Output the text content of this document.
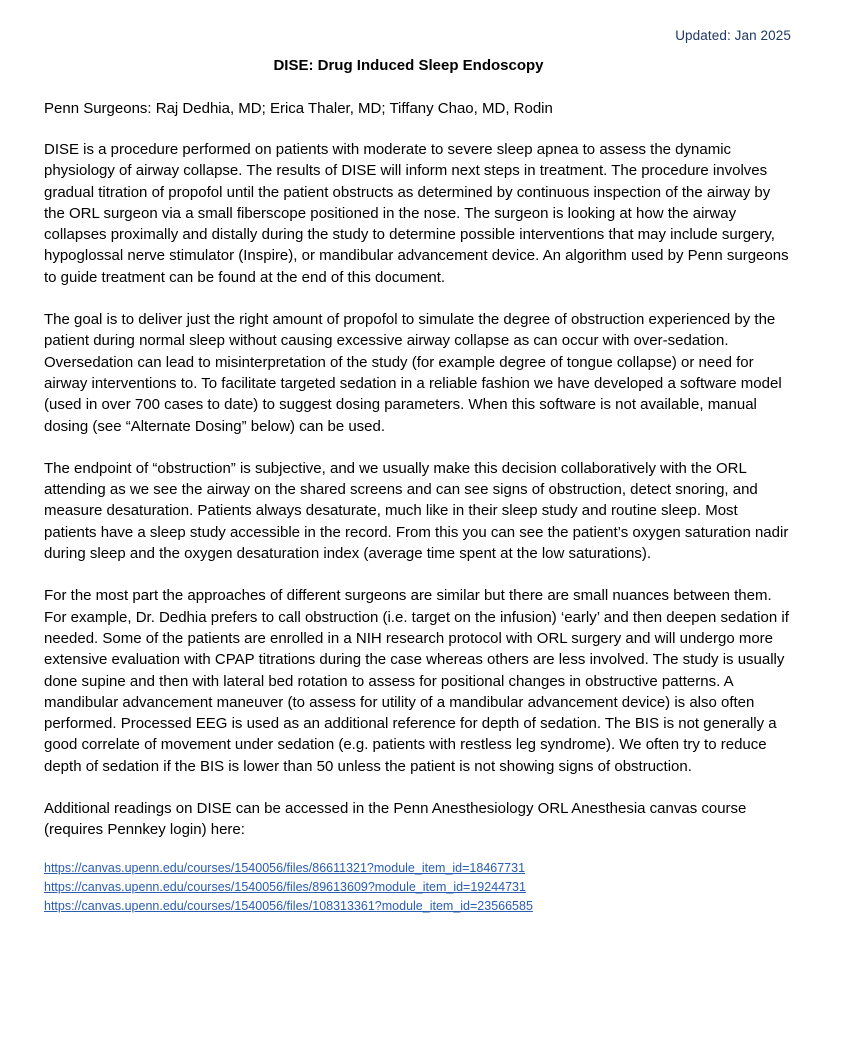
Updated: Jan 2025
DISE: Drug Induced Sleep Endoscopy
Penn Surgeons: Raj Dedhia, MD; Erica Thaler, MD; Tiffany Chao, MD, Rodin

DISE is a procedure performed on patients with moderate to severe sleep apnea to assess the dynamic physiology of airway collapse. The results of DISE will inform next steps in treatment. The procedure involves gradual titration of propofol until the patient obstructs as determined by continuous inspection of the airway by the ORL surgeon via a small fiberscope positioned in the nose. The surgeon is looking at how the airway collapses proximally and distally during the study to determine possible interventions that may include surgery, hypoglossal nerve stimulator (Inspire), or mandibular advancement device. An algorithm used by Penn surgeons to guide treatment can be found at the end of this document.

The goal is to deliver just the right amount of propofol to simulate the degree of obstruction experienced by the patient during normal sleep without causing excessive airway collapse as can occur with over-sedation. Oversedation can lead to misinterpretation of the study (for example degree of tongue collapse) or need for airway interventions to. To facilitate targeted sedation in a reliable fashion we have developed a software model (used in over 700 cases to date) to suggest dosing parameters. When this software is not available, manual dosing (see “Alternate Dosing” below) can be used.

The endpoint of “obstruction” is subjective, and we usually make this decision collaboratively with the ORL attending as we see the airway on the shared screens and can see signs of obstruction, detect snoring, and measure desaturation. Patients always desaturate, much like in their sleep study and routine sleep. Most patients have a sleep study accessible in the record. From this you can see the patient’s oxygen saturation nadir during sleep and the oxygen desaturation index (average time spent at the low saturations).

For the most part the approaches of different surgeons are similar but there are small nuances between them. For example, Dr. Dedhia prefers to call obstruction (i.e. target on the infusion) ‘early’ and then deepen sedation if needed. Some of the patients are enrolled in a NIH research protocol with ORL surgery and will undergo more extensive evaluation with CPAP titrations during the case whereas others are less involved. The study is usually done supine and then with lateral bed rotation to assess for positional changes in obstructive patterns. A mandibular advancement maneuver (to assess for utility of a mandibular advancement device) is also often performed. Processed EEG is used as an additional reference for depth of sedation. The BIS is not generally a good correlate of movement under sedation (e.g. patients with restless leg syndrome). We often try to reduce depth of sedation if the BIS is lower than 50 unless the patient is not showing signs of obstruction.

Additional readings on DISE can be accessed in the Penn Anesthesiology ORL Anesthesia canvas course (requires Pennkey login) here:

https://canvas.upenn.edu/courses/1540056/files/86611321?module_item_id=18467731
https://canvas.upenn.edu/courses/1540056/files/89613609?module_item_id=19244731
https://canvas.upenn.edu/courses/1540056/files/108313361?module_item_id=23566585
